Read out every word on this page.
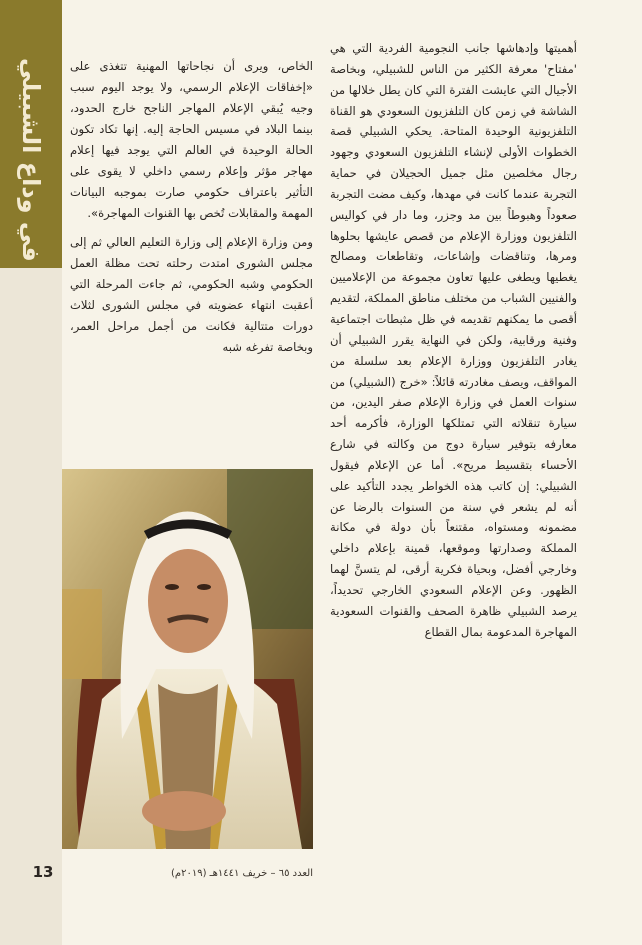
في وداع الشبيلي

أهميتها وإدهاشها جانب النجومية الفردية التي هي 'مفتاح' معرفة الكثير من الناس للشبيلي، وبخاصة الأجيال التي عايشت الفترة التي كان يطل خلالها من الشاشة في زمن كان التلفزيون السعودي هو القناة التلفزيونية الوحيدة المتاحة. يحكي الشبيلي قصة الخطوات الأولى لإنشاء التلفزيون السعودي وجهود رجال مخلصين مثل جميل الحجيلان في حماية التجربة عندما كانت في مهدها، وكيف مضت التجربة صعوداً وهبوطاً بين مد وجزر، وما دار في كواليس التلفزيون ووزارة الإعلام من قصص عايشها بحلوها ومرها، وتناقضات وإشاعات، وتقاطعات ومصالح يغطيها ويطغى عليها تعاون مجموعة من الإعلاميين والفنيين الشباب من مختلف مناطق المملكة، لتقديم أقصى ما يمكنهم تقديمه في ظل مثبطات اجتماعية وفنية ورقابية، ولكن في النهاية يقرر الشبيلي أن يغادر التلفزيون ووزارة الإعلام بعد سلسلة من المواقف، ويصف مغادرته قائلاً: «خرج (الشبيلي) من سنوات العمل في وزارة الإعلام صفر اليدين، من سيارة تنقلاته التي تمتلكها الوزارة، فأكرمه أحد معارفه بتوفير سيارة دوج من وكالته في شارع الأحساء بتقسيط مريح». أما عن الإعلام فيقول الشبيلي: إن كاتب هذه الخواطر يجدد التأكيد على أنه لم يشعر في سنة من السنوات بالرضا عن مضمونه ومستواه، مقتنعاً بأن دولة في مكانة المملكة وصدارتها وموقعها، قمينة بإعلام داخلي وخارجي أفضل، وبحياة فكرية أرقى، لم يتسنَّ لهما الظهور. وعن الإعلام السعودي الخارجي تحديداً، يرصد الشبيلي ظاهرة الصحف والقنوات السعودية المهاجرة المدعومة بمال القطاع

الخاص، ويرى أن نجاحاتها المهنية تتغذى على «إخفاقات الإعلام الرسمي، ولا يوجد اليوم سبب وجيه يُبقي الإعلام المهاجر الناجح خارج الحدود، بينما البلاد في مسيس الحاجة إليه. إنها تكاد تكون الحالة الوحيدة في العالم التي يوجد فيها إعلام مهاجر مؤثر وإعلام رسمي داخلي لا يقوى على التأثير باعتراف حكومي صارت بموجبه البيانات المهمة والمقابلات تُخص بها القنوات المهاجرة».

ومن وزارة الإعلام إلى وزارة التعليم العالي ثم إلى مجلس الشورى امتدت رحلته تحت مظلة العمل الحكومي وشبه الحكومي، ثم جاءت المرحلة التي أعقبت انتهاء عضويته في مجلس الشورى لثلاث دورات متتالية فكانت من أجمل مراحل العمر، وبخاصة تفرغه شبه

13	العدد ٦٥ – خريف ١٤٤١هـ (٢٠١٩م)
